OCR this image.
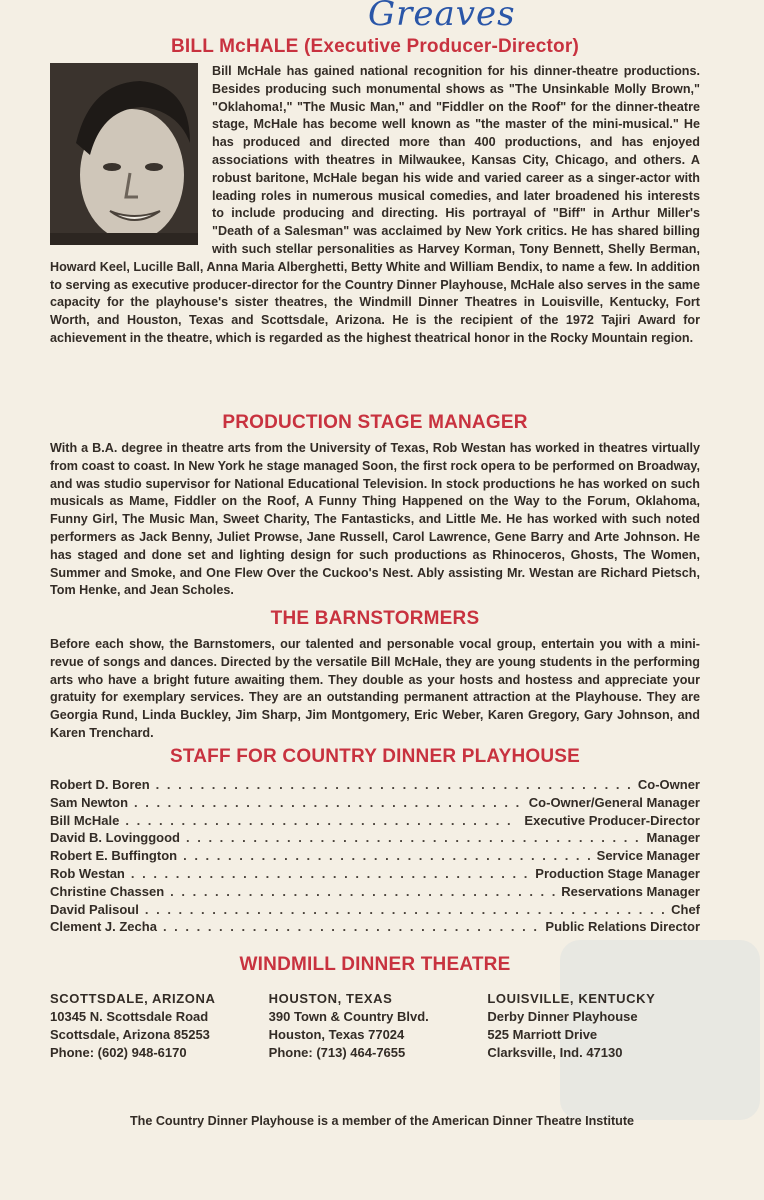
Greaves
BILL McHALE (Executive Producer-Director)

Bill McHale has gained national recognition for his dinner-theatre productions. Besides producing such monumental shows as "The Unsinkable Molly Brown," "Oklahoma!," "The Music Man," and "Fiddler on the Roof" for the dinner-theatre stage, McHale has become well known as "the master of the mini-musical." He has produced and directed more than 400 productions, and has enjoyed associations with theatres in Milwaukee, Kansas City, Chicago, and others. A robust baritone, McHale began his wide and varied career as a singer-actor with leading roles in numerous musical comedies, and later broadened his interests to include producing and directing. His portrayal of "Biff" in Arthur Miller's "Death of a Salesman" was acclaimed by New York critics. He has shared billing with such stellar personalities as Harvey Korman, Tony Bennett, Shelly Berman, Howard Keel, Lucille Ball, Anna Maria Alberghetti, Betty White and William Bendix, to name a few. In addition to serving as executive producer-director for the Country Dinner Playhouse, McHale also serves in the same capacity for the playhouse's sister theatres, the Windmill Dinner Theatres in Louisville, Kentucky, Fort Worth, and Houston, Texas and Scottsdale, Arizona. He is the recipient of the 1972 Tajiri Award for achievement in the theatre, which is regarded as the highest theatrical honor in the Rocky Mountain region.

PRODUCTION STAGE MANAGER

With a B.A. degree in theatre arts from the University of Texas, Rob Westan has worked in theatres virtually from coast to coast. In New York he stage managed Soon, the first rock opera to be performed on Broadway, and was studio supervisor for National Educational Television. In stock productions he has worked on such musicals as Mame, Fiddler on the Roof, A Funny Thing Happened on the Way to the Forum, Oklahoma, Funny Girl, The Music Man, Sweet Charity, The Fantasticks, and Little Me. He has worked with such noted performers as Jack Benny, Juliet Prowse, Jane Russell, Carol Lawrence, Gene Barry and Arte Johnson. He has staged and done set and lighting design for such productions as Rhinoceros, Ghosts, The Women, Summer and Smoke, and One Flew Over the Cuckoo's Nest. Ably assisting Mr. Westan are Richard Pietsch, Tom Henke, and Jean Scholes.

THE BARNSTORMERS

Before each show, the Barnstomers, our talented and personable vocal group, entertain you with a mini-revue of songs and dances. Directed by the versatile Bill McHale, they are young students in the performing arts who have a bright future awaiting them. They double as your hosts and hostess and appreciate your gratuity for exemplary services. They are an outstanding permanent attraction at the Playhouse. They are Georgia Rund, Linda Buckley, Jim Sharp, Jim Montgomery, Eric Weber, Karen Gregory, Gary Johnson, and Karen Trenchard.

STAFF FOR COUNTRY DINNER PLAYHOUSE
Robert D. Boren . . .	Co-Owner
Sam Newton . . .	Co-Owner/General Manager
Bill McHale . . .	Executive Producer-Director
David B. Lovinggood . . .	Manager
Robert E. Buffington . . .	Service Manager
Rob Westan . . .	Production Stage Manager
Christine Chassen . . .	Reservations Manager
David Palisoul . . .	Chef
Clement J. Zecha . . .	Public Relations Director
WINDMILL DINNER THEATRE
SCOTTSDALE, ARIZONA
10345 N. Scottsdale Road
Scottsdale, Arizona 85253
Phone: (602) 948-6170
HOUSTON, TEXAS
390 Town & Country Blvd.
Houston, Texas 77024
Phone: (713) 464-7655
LOUISVILLE, KENTUCKY
Derby Dinner Playhouse
525 Marriott Drive
Clarksville, Ind. 47130
The Country Dinner Playhouse is a member of the American Dinner Theatre Institute
